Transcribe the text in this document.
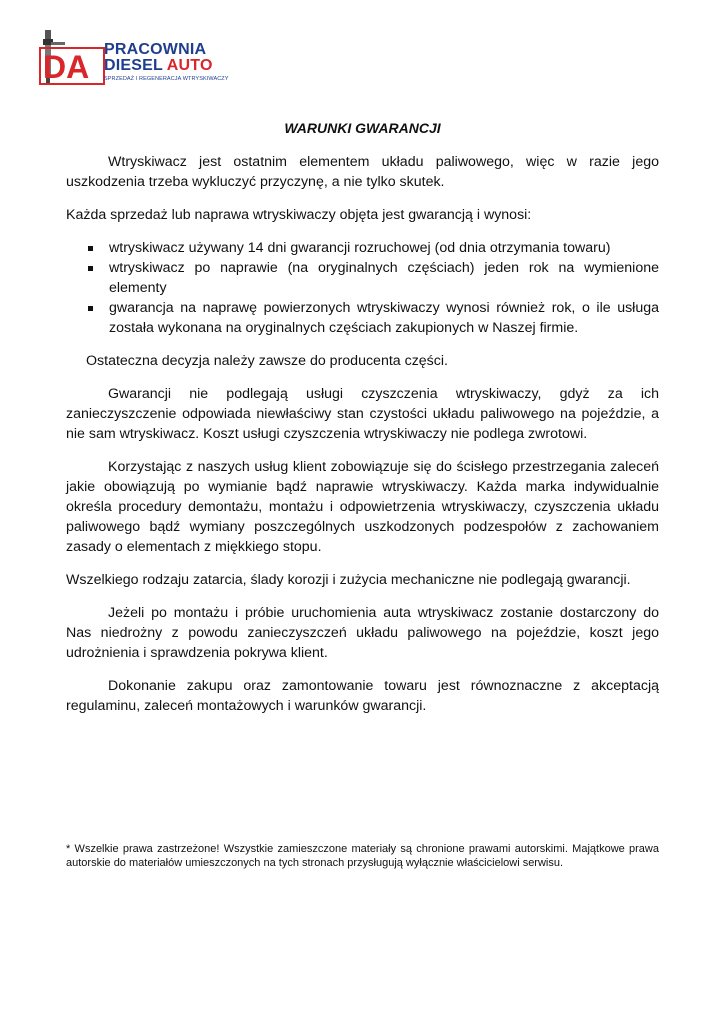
DA PRACOWNIA
DIESEL AUTO
SPRZEDAŻ I REGENERACJA WTRYSKIWACZY
WARUNKI GWARANCJI

Wtryskiwacz jest ostatnim elementem układu paliwowego, więc w razie jego uszkodzenia trzeba wykluczyć przyczynę, a nie tylko skutek.

Każda sprzedaż lub naprawa wtryskiwaczy objęta jest gwarancją i wynosi:

wtryskiwacz używany 14 dni gwarancji rozruchowej (od dnia otrzymania towaru)
wtryskiwacz po naprawie (na oryginalnych częściach) jeden rok na wymienione elementy
gwarancja na naprawę powierzonych wtryskiwaczy wynosi również rok, o ile usługa została wykonana na oryginalnych częściach zakupionych w Naszej firmie.

Ostateczna decyzja należy zawsze do producenta części.

Gwarancji nie podlegają usługi czyszczenia wtryskiwaczy, gdyż za ich zanieczyszczenie odpowiada niewłaściwy stan czystości układu paliwowego na pojeździe, a nie sam wtryskiwacz. Koszt usługi czyszczenia wtryskiwaczy nie podlega zwrotowi.

Korzystając z naszych usług klient zobowiązuje się do ścisłego przestrzegania zaleceń jakie obowiązują po wymianie bądź naprawie wtryskiwaczy. Każda marka indywidualnie określa procedury demontażu, montażu i odpowietrzenia wtryskiwaczy, czyszczenia układu paliwowego bądź wymiany poszczególnych uszkodzonych podzespołów z zachowaniem zasady o elementach z miękkiego stopu.

Wszelkiego rodzaju zatarcia, ślady korozji i zużycia mechaniczne nie podlegają gwarancji.

Jeżeli po montażu i próbie uruchomienia auta wtryskiwacz zostanie dostarczony do Nas niedrożny z powodu zanieczyszczeń układu paliwowego na pojeździe, koszt jego udrożnienia i sprawdzenia pokrywa klient.

Dokonanie zakupu oraz zamontowanie towaru jest równoznaczne z akceptacją regulaminu, zaleceń montażowych i warunków gwarancji.

* Wszelkie prawa zastrzeżone! Wszystkie zamieszczone materiały są chronione prawami autorskimi. Majątkowe prawa autorskie do materiałów umieszczonych na tych stronach przysługują wyłącznie właścicielowi serwisu.
